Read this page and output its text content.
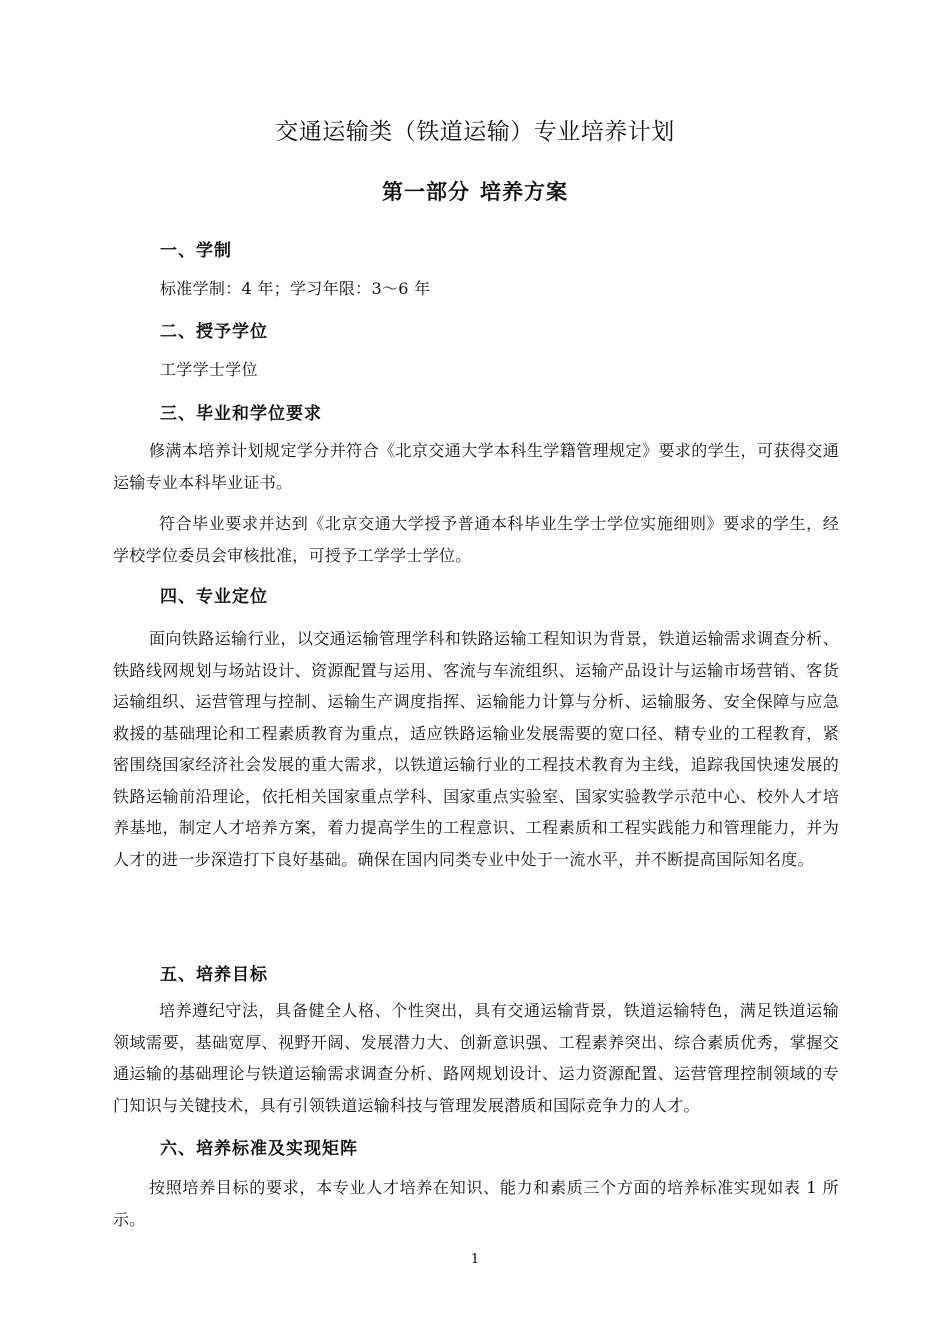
交通运输类（铁道运输）专业培养计划
第一部分 培养方案
一、学制
标准学制：4 年；学习年限：3～6 年
二、授予学位
工学学士学位
三、毕业和学位要求
修满本培养计划规定学分并符合《北京交通大学本科生学籍管理规定》要求的学生，可获得交通运输专业本科毕业证书。
符合毕业要求并达到《北京交通大学授予普通本科毕业生学士学位实施细则》要求的学生，经学校学位委员会审核批准，可授予工学学士学位。
四、专业定位
面向铁路运输行业，以交通运输管理学科和铁路运输工程知识为背景，铁道运输需求调查分析、铁路线网规划与场站设计、资源配置与运用、客流与车流组织、运输产品设计与运输市场营销、客货运输组织、运营管理与控制、运输生产调度指挥、运输能力计算与分析、运输服务、安全保障与应急救援的基础理论和工程素质教育为重点，适应铁路运输业发展需要的宽口径、精专业的工程教育，紧密围绕国家经济社会发展的重大需求，以铁道运输行业的工程技术教育为主线，追踪我国快速发展的铁路运输前沿理论，依托相关国家重点学科、国家重点实验室、国家实验教学示范中心、校外人才培养基地，制定人才培养方案，着力提高学生的工程意识、工程素质和工程实践能力和管理能力，并为人才的进一步深造打下良好基础。确保在国内同类专业中处于一流水平，并不断提高国际知名度。
五、培养目标
培养遵纪守法，具备健全人格、个性突出，具有交通运输背景，铁道运输特色，满足铁道运输领域需要，基础宽厚、视野开阔、发展潜力大、创新意识强、工程素养突出、综合素质优秀，掌握交通运输的基础理论与铁道运输需求调查分析、路网规划设计、运力资源配置、运营管理控制领域的专门知识与关键技术，具有引领铁道运输科技与管理发展潜质和国际竞争力的人才。
六、培养标准及实现矩阵
按照培养目标的要求，本专业人才培养在知识、能力和素质三个方面的培养标准实现如表 1 所示。
1
